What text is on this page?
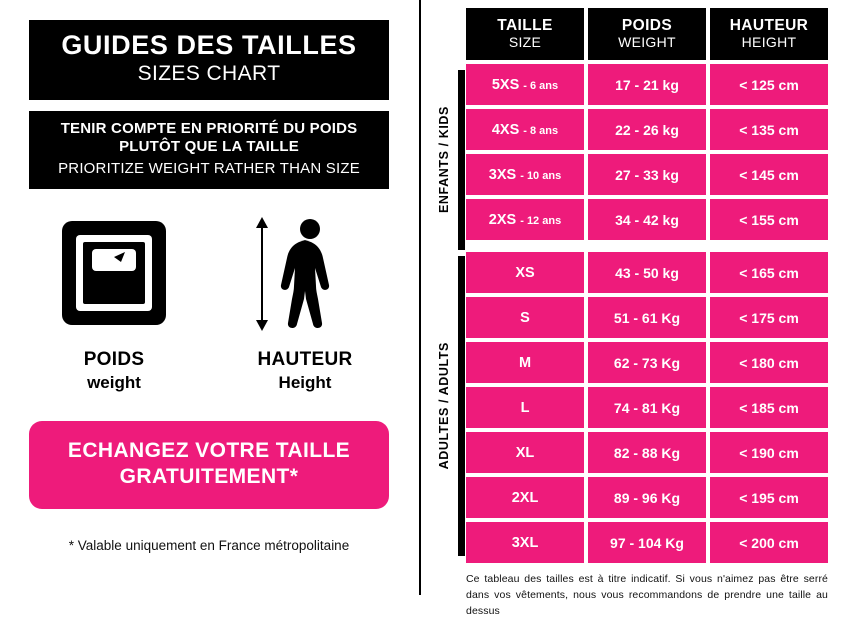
GUIDES DES TAILLES
SIZES CHART
TENIR COMPTE EN PRIORITÉ DU POIDS PLUTÔT QUE LA TAILLE
PRIORITIZE WEIGHT RATHER THAN SIZE
POIDS
weight
HAUTEUR
Height
ECHANGEZ VOTRE TAILLE GRATUITEMENT*
* Valable uniquement en France métropolitaine
ENFANTS / KIDS
ADULTES / ADULTS
TAILLE
SIZE
POIDS
WEIGHT
HAUTEUR
HEIGHT
5XS - 6 ans	17 - 21 kg	< 125 cm
4XS - 8 ans	22 - 26 kg	< 135 cm
3XS - 10 ans	27 - 33 kg	< 145 cm
2XS - 12 ans	34 - 42 kg	< 155 cm
XS	43 - 50 kg	< 165 cm
S	51 - 61 Kg	< 175 cm
M	62 - 73 Kg	< 180 cm
L	74 - 81 Kg	< 185 cm
XL	82 - 88 Kg	< 190 cm
2XL	89 - 96 Kg	< 195 cm
3XL	97 - 104 Kg	< 200 cm
Ce tableau des tailles est à titre indicatif. Si vous n'aimez pas être serré dans vos vêtements, nous vous recommandons de prendre une taille au dessus
